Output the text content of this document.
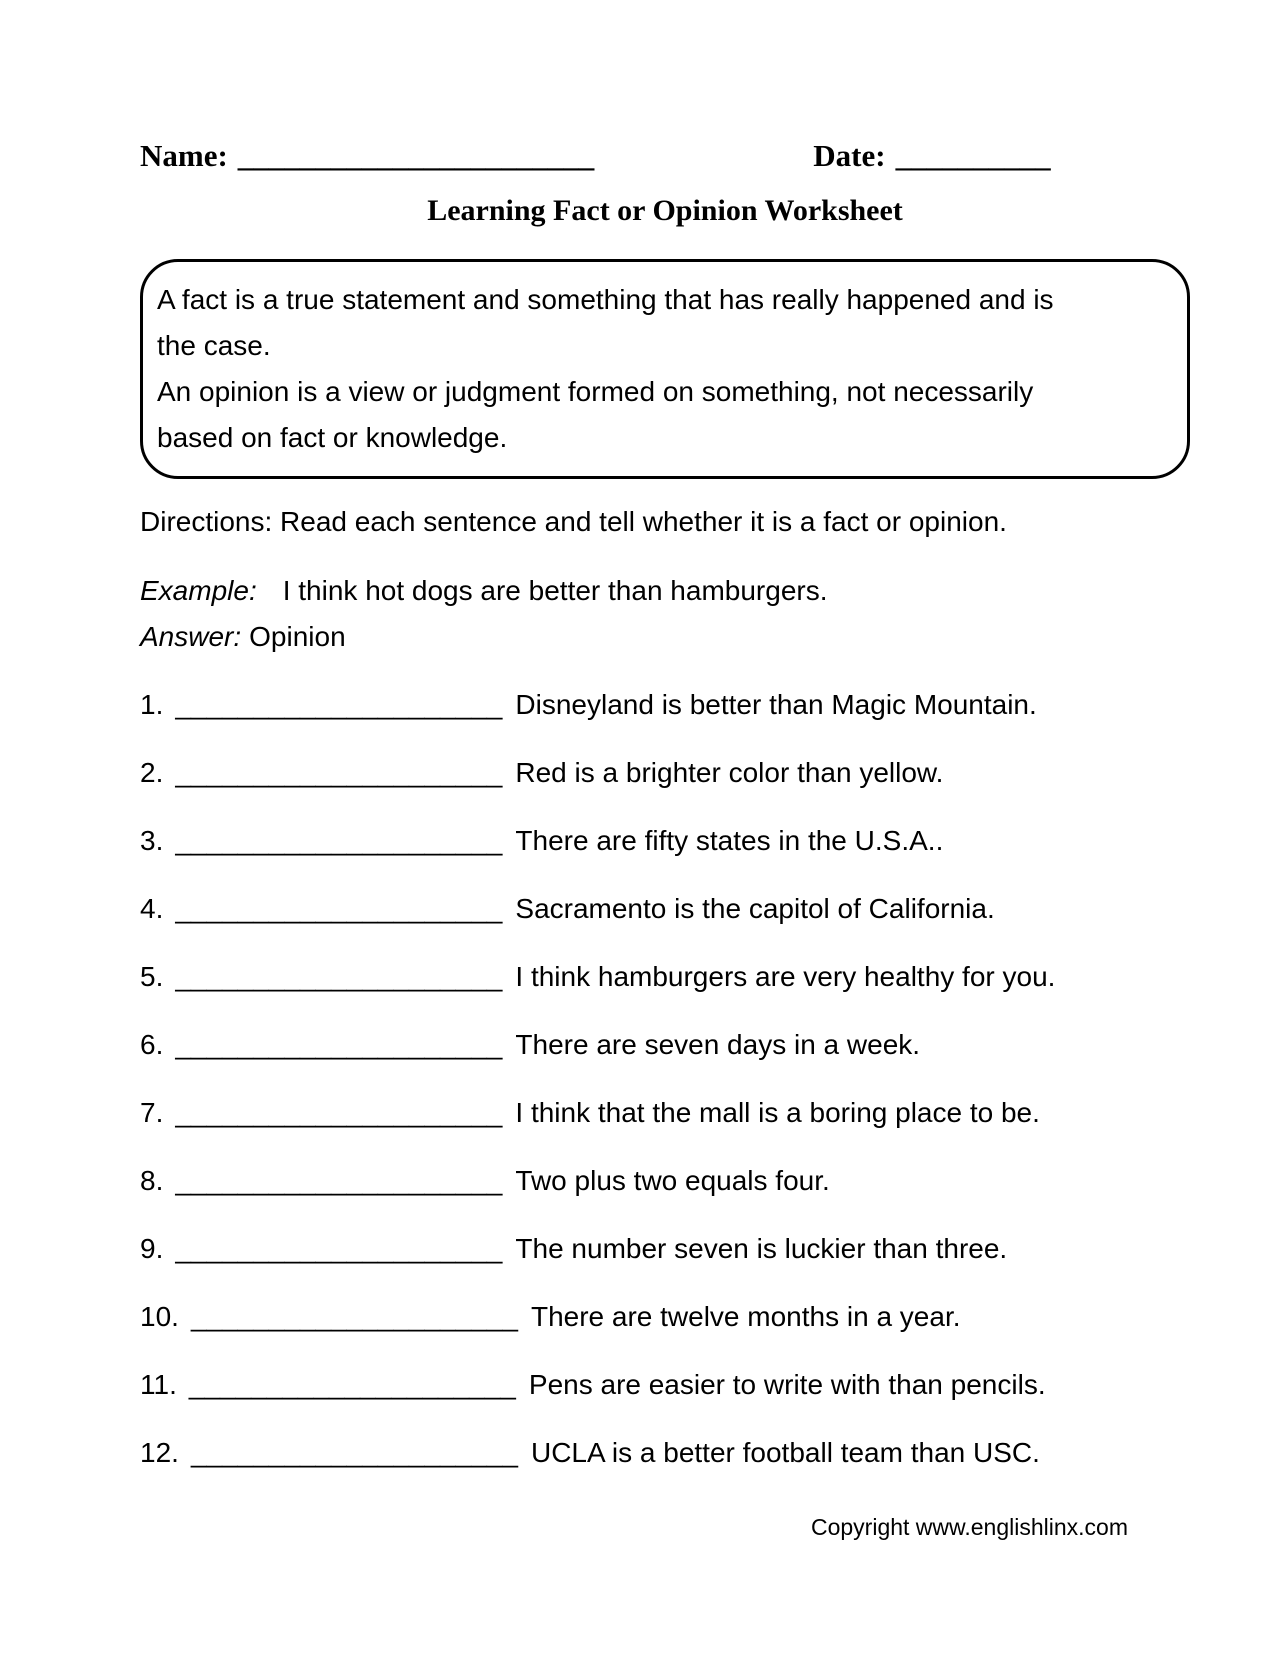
Name: _______________________	Date: __________
Learning Fact or Opinion Worksheet
A fact is a true statement and something that has really happened and is
the case.
An opinion is a view or judgment formed on something, not necessarily
based on fact or knowledge.
Directions: Read each sentence and tell whether it is a fact or opinion.
Example: I think hot dogs are better than hamburgers.
Answer: Opinion
1. _____________________ Disneyland is better than Magic Mountain.
2. _____________________ Red is a brighter color than yellow.
3. _____________________ There are fifty states in the U.S.A..
4. _____________________ Sacramento is the capitol of California.
5. _____________________ I think hamburgers are very healthy for you.
6. _____________________ There are seven days in a week.
7. _____________________ I think that the mall is a boring place to be.
8. _____________________ Two plus two equals four.
9. _____________________ The number seven is luckier than three.
10. _____________________ There are twelve months in a year.
11. _____________________ Pens are easier to write with than pencils.
12. _____________________ UCLA is a better football team than USC.
Copyright www.englishlinx.com
